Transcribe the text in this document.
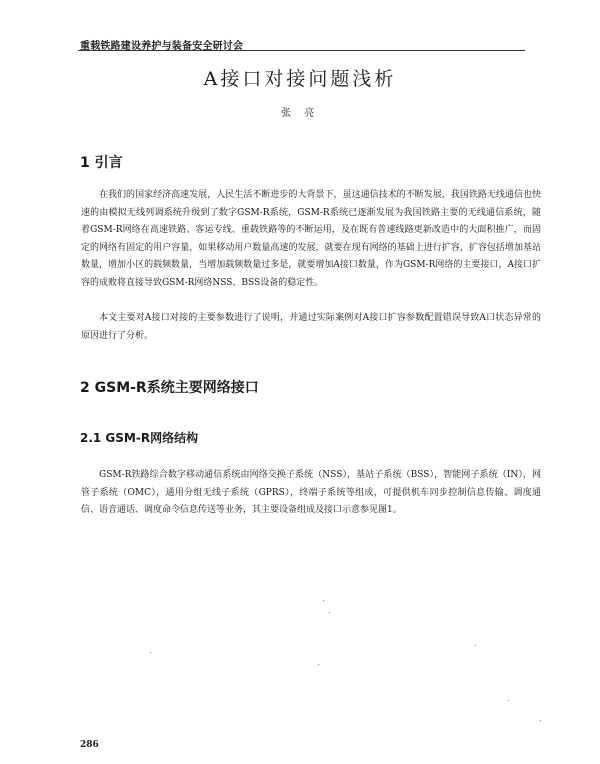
重载铁路建设养护与装备安全研讨会
A接口对接问题浅析
张 亮
1 引言

在我们的国家经济高速发展，人民生活不断进步的大背景下，虽这通信技术的不断发展，我国铁路无线通信也快速的由模拟无线列调系统升级到了数字GSM-R系统，GSM-R系统已逐渐发展为我国铁路主要的无线通信系统，随着GSM-R网络在高速铁路、客运专线、重载铁路等的不断运用，及在既有普速线路更新改造中的大面积推广，而固定的网络有固定的用户容量，如果移动用户数量高速的发展，就要在现有网络的基础上进行扩容，扩容包括增加基站数量，增加小区的载频数量，当增加载频数量过多是，就要增加A接口数量，作为GSM-R网络的主要接口，A接口扩容的成败将直接导致GSM-R网络NSS、BSS设备的稳定性。

本文主要对A接口对接的主要参数进行了说明，并通过实际案例对A接口扩容参数配置错误导致A口状态异常的原因进行了分析。

2 GSM-R系统主要网络接口
2.1 GSM-R网络结构

GSM-R铁路综合数字移动通信系统由网络交换子系统（NSS），基站子系统（BSS），智能网子系统（IN），网管子系统（OMC），通用分组无线子系统（GPRS），终端子系统等组成，可提供机车同步控制信息传输、调度通信、语音通话、调度命令信息传送等业务，其主要设备组成及接口示意参见图1。

286
